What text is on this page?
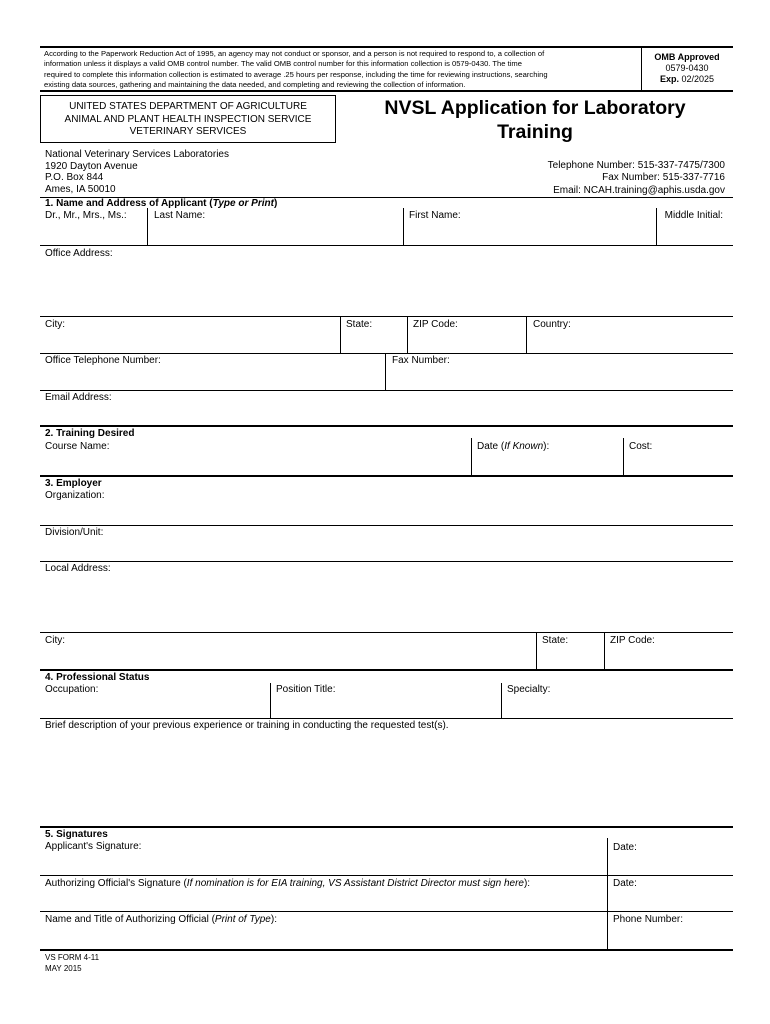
According to the Paperwork Reduction Act of 1995, an agency may not conduct or sponsor, and a person is not required to respond to, a collection of
information unless it displays a valid OMB control number. The valid OMB control number for this information collection is 0579-0430. The time
required to complete this information collection is estimated to average .25 hours per response, including the time for reviewing instructions, searching
existing data sources, gathering and maintaining the data needed, and completing and reviewing the collection of information.
OMB Approved
0579-0430
Exp. 02/2025
UNITED STATES DEPARTMENT OF AGRICULTURE
ANIMAL AND PLANT HEALTH INSPECTION SERVICE
VETERINARY SERVICES
NVSL Application for Laboratory
Training
National Veterinary Services Laboratories
1920 Dayton Avenue
P.O. Box 844
Ames, IA 50010
Telephone Number: 515-337-7475/7300
Fax Number: 515-337-7716
Email: NCAH.training@aphis.usda.gov
1. Name and Address of Applicant (Type or Print)
Dr., Mr., Mrs., Ms.:	Last Name:	First Name:	Middle Initial:
Office Address:
City:	State:	ZIP Code:	Country:
Office Telephone Number:	Fax Number:
Email Address:
2. Training Desired
Course Name:	Date (If Known):	Cost:
3. Employer
Organization:
Division/Unit:
Local Address:
City:	State:	ZIP Code:
4. Professional Status
Occupation:	Position Title:	Specialty:
Brief description of your previous experience or training in conducting the requested test(s).
5. Signatures
Applicant's Signature:	Date:
Authorizing Official's Signature (If nomination is for EIA training, VS Assistant District Director must sign here):	Date:
Name and Title of Authorizing Official (Print of Type):	Phone Number:
VS FORM 4-11
MAY 2015
